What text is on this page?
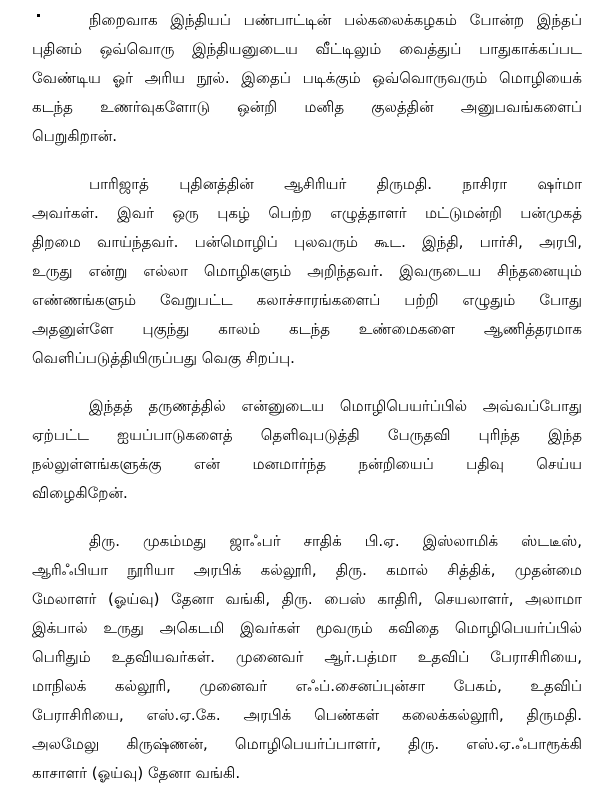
நிறைவாக இந்தியப் பண்பாட்டின் பல்கலைக்கழகம் போன்ற இந்தப்
புதினம் ஒவ்வொரு இந்தியனுடைய வீட்டிலும் வைத்துப் பாதுகாக்கப்பட
வேண்டிய ஓர் அரிய நூல். இதைப் படிக்கும் ஒவ்வொருவரும் மொழியைக்
கடந்த உணர்வுகளோடு ஒன்றி மனித குலத்தின் அனுபவங்களைப்
பெறுகிறான்.
பாரிஜாத் புதினத்தின் ஆசிரியர் திருமதி. நாசிரா ஷர்மா
அவர்கள். இவர் ஒரு புகழ் பெற்ற எழுத்தாளர் மட்டுமன்றி பன்முகத்
திறமை வாய்ந்தவர். பன்மொழிப் புலவரும் கூட. இந்தி, பார்சி, அரபி,
உருது என்று எல்லா மொழிகளும் அறிந்தவர். இவருடைய சிந்தனையும்
எண்ணங்களும் வேறுபட்ட கலாச்சாரங்களைப் பற்றி எழுதும் போது
அதனுள்ளே புகுந்து காலம் கடந்த உண்மைகளை ஆணித்தரமாக
வெளிப்படுத்தியிருப்பது வெகு சிறப்பு.
இந்தத் தருணத்தில் என்னுடைய மொழிபெயர்ப்பில் அவ்வப்போது
ஏற்பட்ட ஐயப்பாடுகளைத் தெளிவுபடுத்தி பேருதவி புரிந்த இந்த
நல்லுள்ளங்களுக்கு என் மனமார்ந்த நன்றியைப் பதிவு செய்ய
விழைகிறேன்.
திரு. முகம்மது ஜாஃபர் சாதிக் பி.ஏ. இஸ்லாமிக் ஸ்டடீஸ்,
ஆரிஃபியா நூரியா அரபிக் கல்லூரி, திரு. கமால் சித்திக், முதன்மை
மேலாளர் (ஓய்வு) தேனா வங்கி, திரு. பைஸ் காதிரி, செயலாளர், அலாமா
இக்பால் உருது அகெடமி இவர்கள் மூவரும் கவிதை மொழிபெயர்ப்பில்
பெரிதும் உதவியவர்கள். முனைவர் ஆர்.பத்மா உதவிப் பேராசிரியை,
மாநிலக் கல்லூரி, முனைவர் எஃப்.சைனப்புன்சா பேகம், உதவிப்
பேராசிரியை, எஸ்.ஏ.கே. அரபிக் பெண்கள் கலைக்கல்லூரி, திருமதி.
அலமேலு கிருஷ்ணன், மொழிபெயர்ப்பாளர், திரு. எஸ்.ஏ.ஃபாரூக்கி
காசாளர் (ஓய்வு) தேனா வங்கி.
